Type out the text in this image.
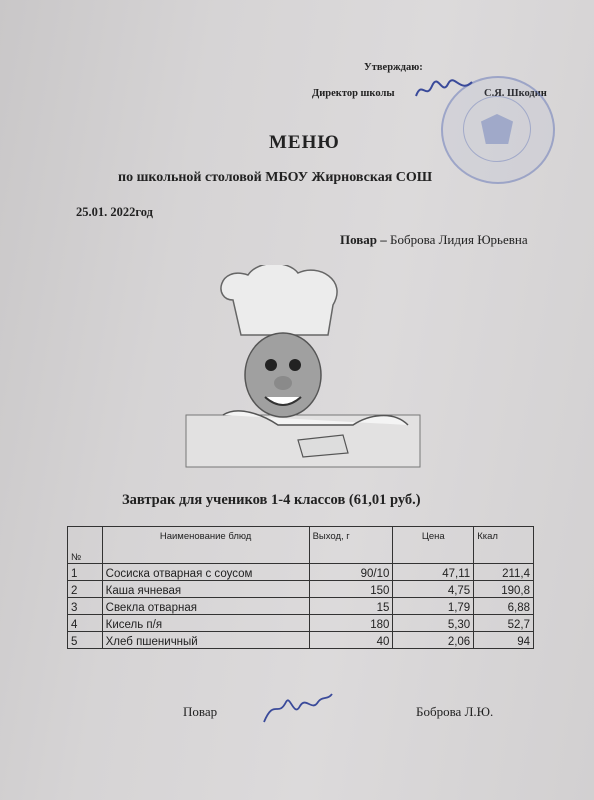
Утверждаю:
Директор школы	С.Я. Шкодин
МЕНЮ
по школьной столовой МБОУ Жирновская СОШ
25.01. 2022год
Повар – Боброва Лидия Юрьевна
Завтрак для учеников 1-4 классов (61,01 руб.)
№	Наименование блюд	Выход, г	Цена	Ккал
1	Сосиска отварная с соусом	90/10	47,11	211,4
2	Каша ячневая	150	4,75	190,8
3	Свекла отварная	15	1,79	6,88
4	Кисель п/я	180	5,30	52,7
5	Хлеб пшеничный	40	2,06	94
Повар	Боброва Л.Ю.
